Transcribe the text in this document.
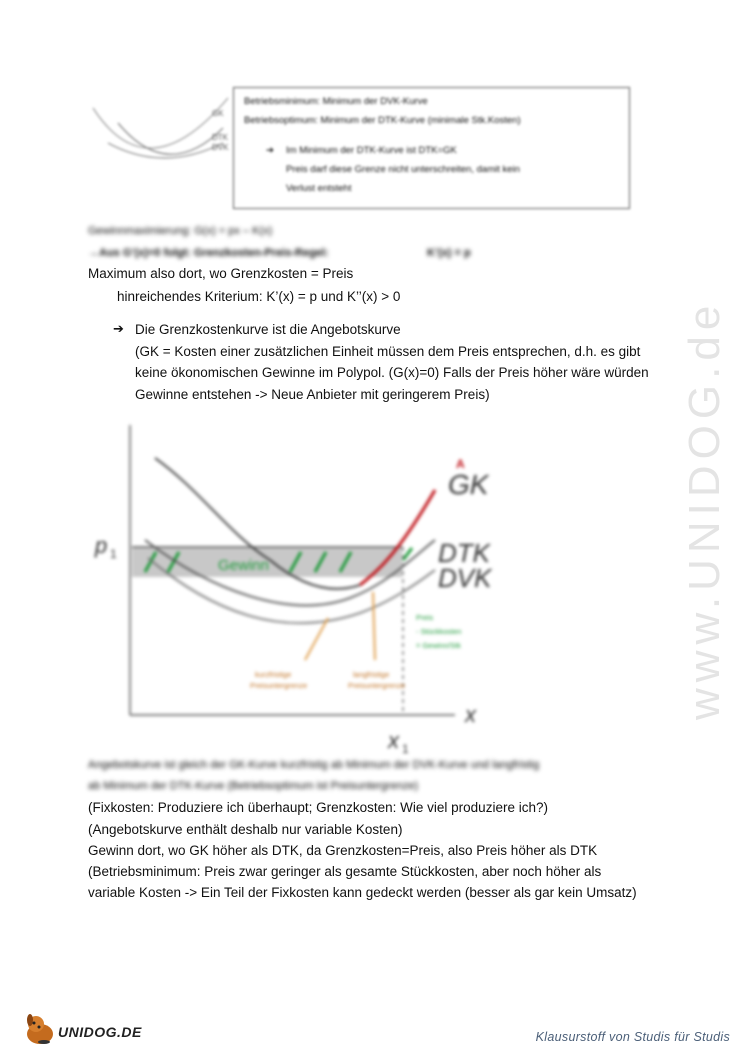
GK
DTK
DVK
Betriebsminimum: Minimum der DVK-Kurve
Betriebsoptimum: Minimum der DTK-Kurve (minimale Stk.Kosten)
➔ Im Minimum der DTK-Kurve ist DTK=GK
Preis darf diese Grenze nicht unterschreiten, damit kein
Verlust entsteht
Gewinnmaximierung: G(x) = px – K(x)
→Aus G’(x)=0 folgt: Grenzkosten-Preis-Regel:	K’(x) = p
Maximum also dort, wo Grenzkosten = Preis
hinreichendes Kriterium: K’(x) = p und K’’(x) > 0
➔ Die Grenzkostenkurve ist die Angebotskurve
(GK = Kosten einer zusätzlichen Einheit müssen dem Preis entsprechen, d.h. es gibt
keine ökonomischen Gewinne im Polypol. (G(x)=0) Falls der Preis höher wäre würden
Gewinne entstehen -> Neue Anbieter mit geringerem Preis)
Gewinn
kurzfristige
Preisuntergrenze
langfristige
Preisuntergrenze
Preis
- Stückkosten
= Gewinn/Stk
p 1
x
x 1
A
GK
DTK
DVK
Angebotskurve ist gleich der GK-Kurve kurzfristig ab Minimum der DVK-Kurve und langfristig
ab Minimum der DTK-Kurve (Betriebsoptimum ist Preisuntergrenze)
(Fixkosten: Produziere ich überhaupt; Grenzkosten: Wie viel produziere ich?)
(Angebotskurve enthält deshalb nur variable Kosten)
Gewinn dort, wo GK höher als DTK, da Grenzkosten=Preis, also Preis höher als DTK
(Betriebsminimum: Preis zwar geringer als gesamte Stückkosten, aber noch höher als
variable Kosten -> Ein Teil der Fixkosten kann gedeckt werden (besser als gar kein Umsatz)
www.UNIDOG.de
UNIDOG.DE	Klausurstoff von Studis für Studis
